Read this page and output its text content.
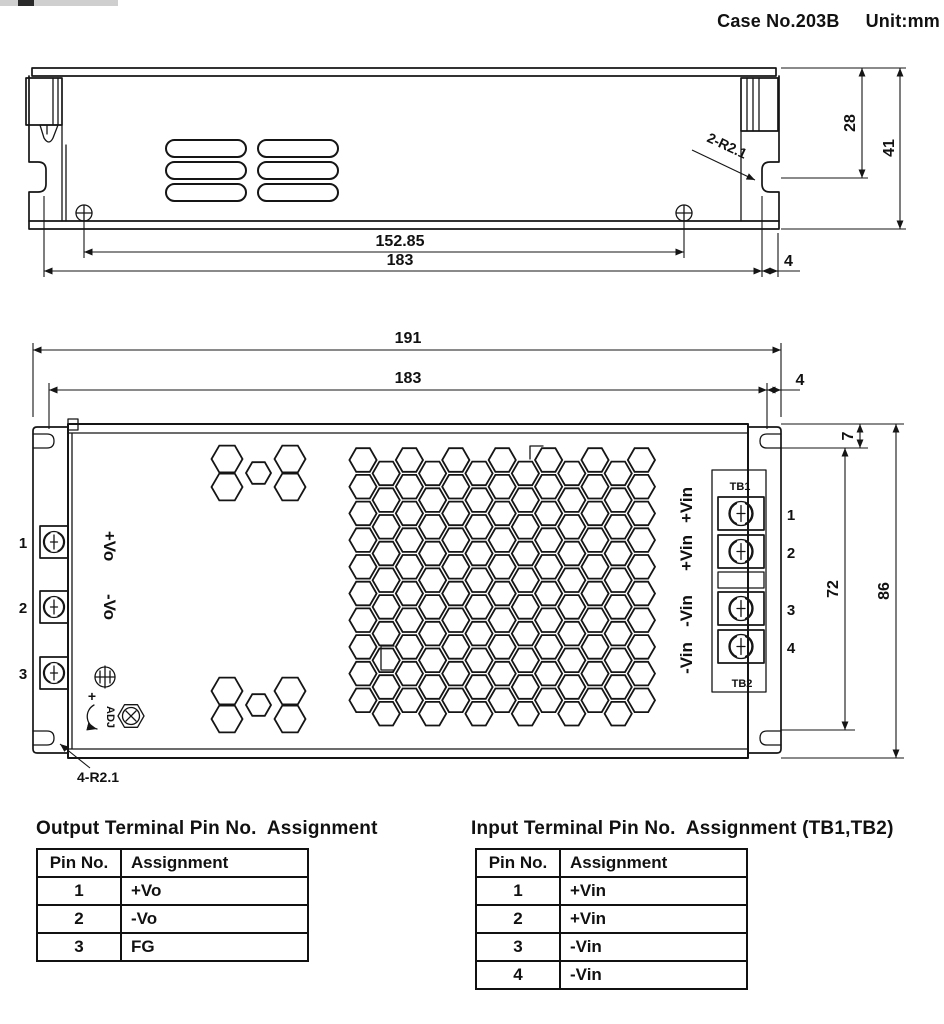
Case No.203B Unit:mm
2-R2.1
152.85
183	4
28
41
1
2
3
+Vo
-Vo
TB1
TB2
1
2
3
4
+Vin
+Vin
-Vin
-Vin
+
ADJ
4-R2.1
191
183	4
7
72 86
Output Terminal Pin No.  Assignment
Pin No.	Assignment
1	+Vo
2	-Vo
3	FG
Input Terminal Pin No.  Assignment (TB1,TB2)
Pin No.	Assignment
1	+Vin
2	+Vin
3	-Vin
4	-Vin
